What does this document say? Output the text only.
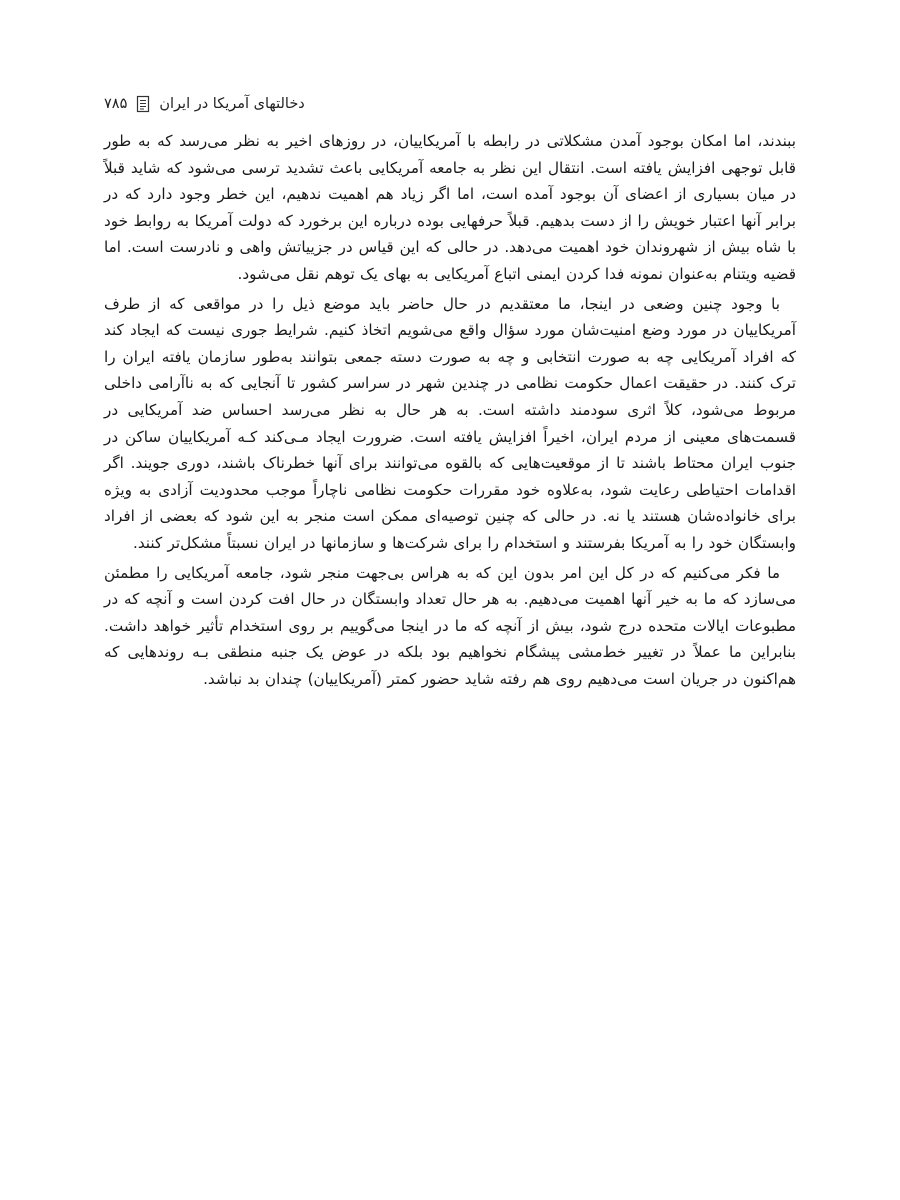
دخالتهای آمریکا در ایران
۷۸۵

ببندند، اما امکان بوجود آمدن مشکلاتی در رابطه با آمریکاییان، در روزهای اخیر به نظر می‌رسد که به طور قابل توجهی افزایش یافته است. انتقال این نظر به جامعه آمریکایی باعث تشدید ترسی می‌شود که شاید قبلاً در میان بسیاری از اعضای آن بوجود آمده است، اما اگر زیاد هم اهمیت ندهیم، این خطر وجود دارد که در برابر آنها اعتبار خویش را از دست بدهیم. قبلاً حرفهایی بوده درباره این برخورد که دولت آمریکا به روابط خود با شاه بیش از شهروندان خود اهمیت می‌دهد. در حالی که این قیاس در جزییاتش واهی و نادرست است. اما قضیه ویتنام به‌عنوان نمونه فدا کردن ایمنی اتباع آمریکایی به بهای یک توهم نقل می‌شود.

با وجود چنین وضعی در اینجا، ما معتقدیم در حال حاضر باید موضع ذیل را در مواقعی که از طرف آمریکاییان در مورد وضع امنیت‌شان مورد سؤال واقع می‌شویم اتخاذ کنیم. شرایط جوری نیست که ایجاد کند که افراد آمریکایی چه به صورت انتخابی و چه به صورت دسته جمعی بتوانند به‌طور سازمان یافته ایران را ترک کنند. در حقیقت اعمال حکومت نظامی در چندین شهر در سراسر کشور تا آنجایی که به ناآرامی داخلی مربوط می‌شود، کلاً اثری سودمند داشته است. به هر حال به نظر می‌رسد احساس ضد آمریکایی در قسمت‌های معینی از مردم ایران، اخیراً افزایش یافته است. ضرورت ایجاد مـی‌کند کـه آمریکاییان ساکن در جنوب ایران محتاط باشند تا از موقعیت‌هایی که بالقوه می‌توانند برای آنها خطرناک باشند، دوری جویند. اگر اقدامات احتیاطی رعایت شود، به‌علاوه خود مقررات حکومت نظامی ناچاراً موجب محدودیت آزادی به ویژه برای خانواده‌شان هستند یا نه. در حالی که چنین توصیه‌ای ممکن است منجر به این شود که بعضی از افراد وابستگان خود را به آمریکا بفرستند و استخدام را برای شرکت‌ها و سازمانها در ایران نسبتاً مشکل‌تر کنند.

ما فکر می‌کنیم که در کل این امر بدون این که به هراس بی‌جهت منجر شود، جامعه آمریکایی را مطمئن می‌سازد که ما به خیر آنها اهمیت می‌دهیم. به هر حال تعداد وابستگان در حال افت کردن است و آنچه که در مطبوعات ایالات متحده درج شود، بیش از آنچه که ما در اینجا می‌گوییم بر روی استخدام تأثیر خواهد داشت. بنابراین ما عملاً در تغییر خط‌مشی پیشگام نخواهیم بود بلکه در عوض یک جنبه منطقی بـه روندهایی که هم‌اکنون در جریان است می‌دهیم روی هم رفته شاید حضور کمتر (آمریکاییان) چندان بد نباشد.
